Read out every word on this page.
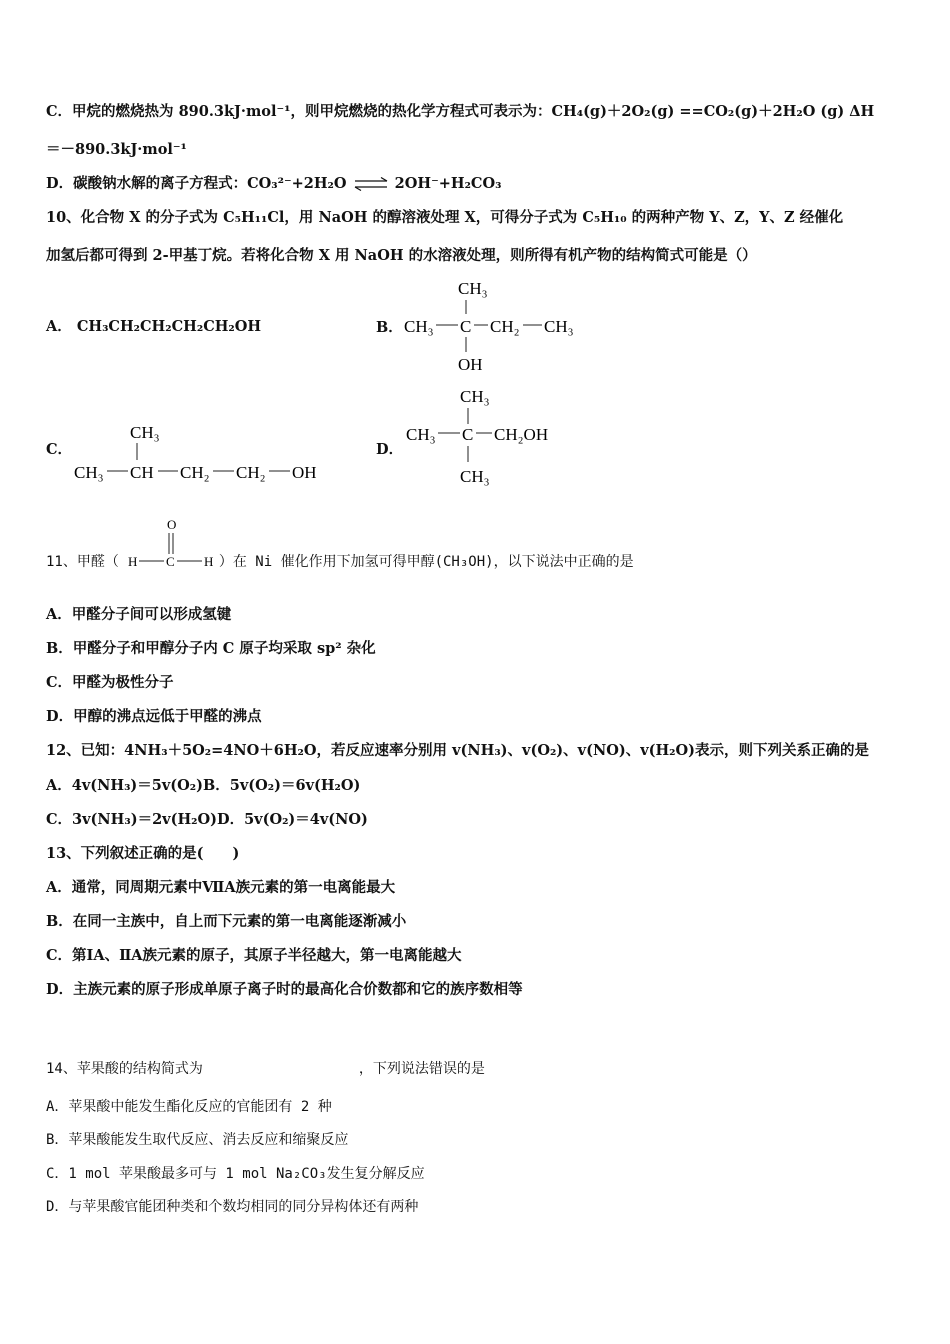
C．甲烷的燃烧热为 890.3kJ·mol⁻¹，则甲烷燃烧的热化学方程式可表示为：CH₄(g)＋2O₂(g) ==CO₂(g)＋2H₂O (g) ΔH
＝－890.3kJ·mol⁻¹
D．碳酸钠水解的离子方程式：CO₃²⁻+2H₂O ⇌ 2OH⁻+H₂CO₃
10、化合物 X 的分子式为 C₅H₁₁Cl，用 NaOH 的醇溶液处理 X，可得分子式为 C₅H₁₀ 的两种产物 Y、Z，Y、Z 经催化
加氢后都可得到 2-甲基丁烷。若将化合物 X 用 NaOH 的水溶液处理，则所得有机产物的结构简式可能是（）
A． CH₃CH₂CH₂CH₂CH₂OH	B．
CH₃
CH₃ C CH₂ CH₃
OH
C．
CH₃
CH₃ CH CH₂ CH₂ OH
D．
CH₃
CH₃ C CH₂OH
CH₃
11、甲醛（	）在 Ni 催化作用下加氢可得甲醇(CH₃OH)，以下说法中正确的是
O
H C H
A．甲醛分子间可以形成氢键
B．甲醛分子和甲醇分子内 C 原子均采取 sp² 杂化
C．甲醛为极性分子
D．甲醇的沸点远低于甲醛的沸点
12、已知：4NH₃＋5O₂=4NO＋6H₂O，若反应速率分别用 v(NH₃)、v(O₂)、v(NO)、v(H₂O)表示，则下列关系正确的是
A．4v(NH₃)＝5v(O₂)B．5v(O₂)＝6v(H₂O)
C．3v(NH₃)＝2v(H₂O)D．5v(O₂)＝4v(NO)
13、下列叙述正确的是(　　)
A．通常，同周期元素中ⅦA族元素的第一电离能最大
B．在同一主族中，自上而下元素的第一电离能逐渐减小
C．第ⅠA、ⅡA族元素的原子，其原子半径越大，第一电离能越大
D．主族元素的原子形成单原子离子时的最高化合价数都和它的族序数相等
14、苹果酸的结构简式为	，下列说法错误的是
A．苹果酸中能发生酯化反应的官能团有 2 种
B．苹果酸能发生取代反应、消去反应和缩聚反应
C．1 mol 苹果酸最多可与 1 mol Na₂CO₃发生复分解反应
D．与苹果酸官能团种类和个数均相同的同分异构体还有两种
